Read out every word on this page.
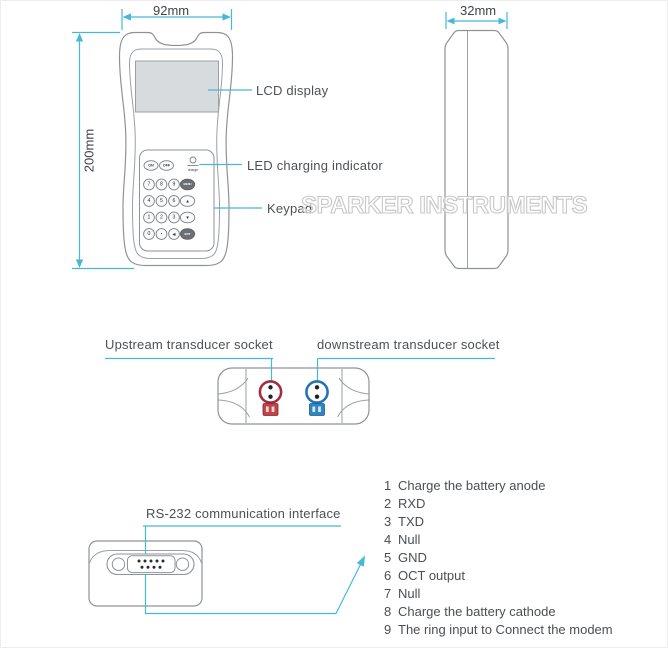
ON	OFF
charge
7 8 9	MENU
4 5 6 ▲
1 2 3 ▼
0 . ◀	ENT
92mm
200mm
32mm
LCD display
LED charging indicator
Keypad
Upstream transducer socket	downstream transducer socket
RS-232 communication interface
SPARKER INSTRUMENTS
1 Charge the battery anode
2 RXD
3 TXD
4 Null
5 GND
6 OCT output
7 Null
8 Charge the battery cathode
9 The ring input to Connect the modem
